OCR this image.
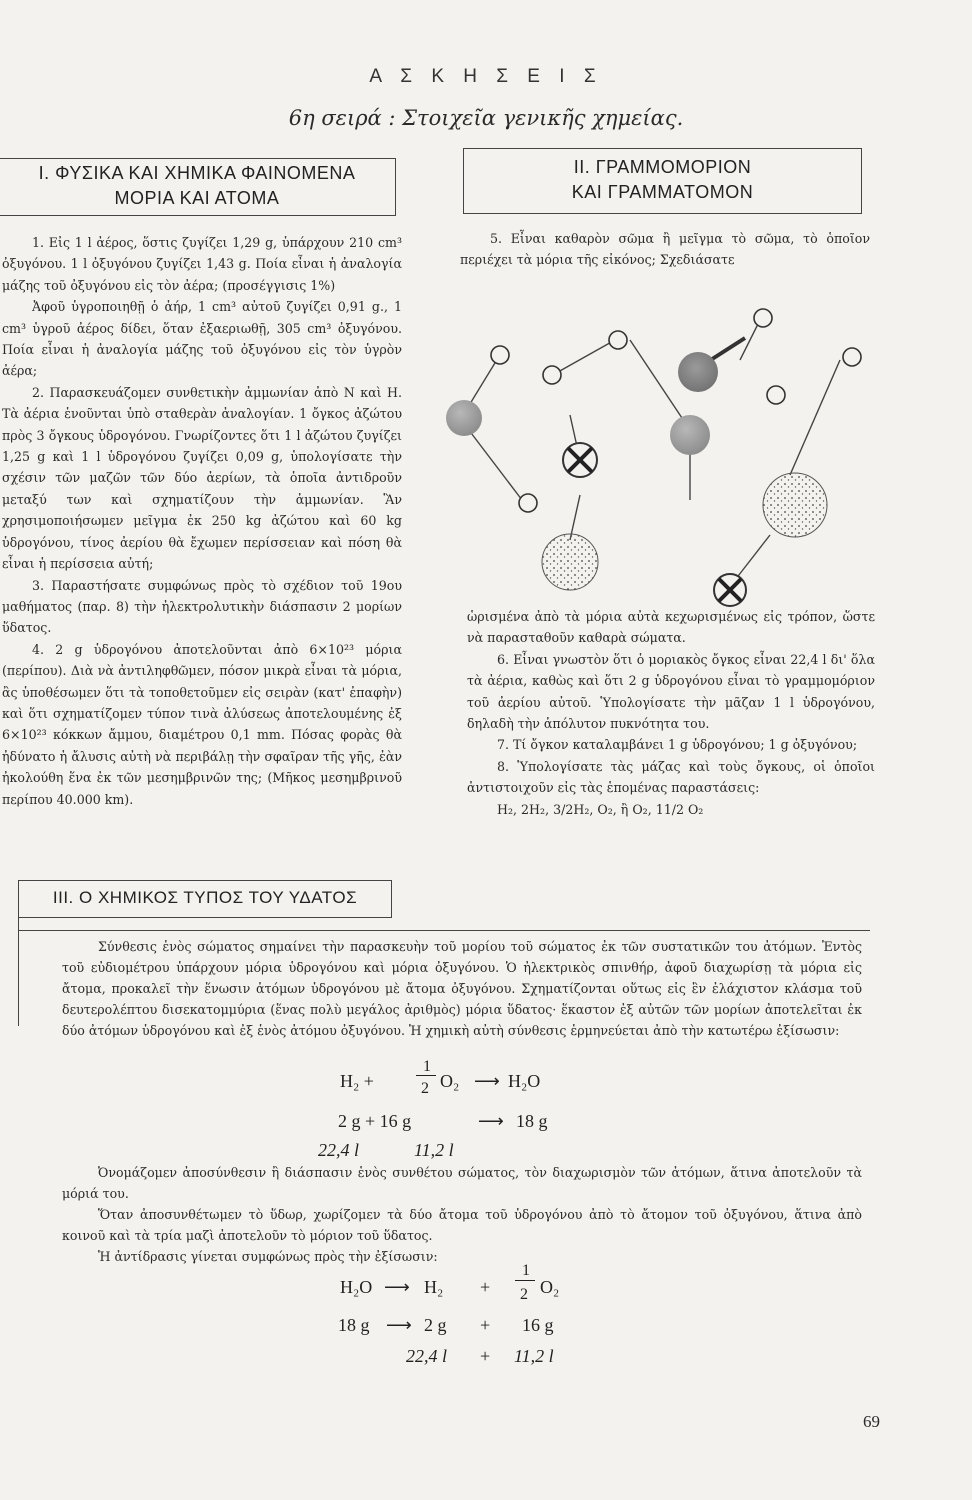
Α Σ Κ Η Σ Ε Ι Σ
6η σειρά : Στοιχεῖα γενικῆς χημείας.
I. ΦΥΣΙΚΑ ΚΑΙ ΧΗΜΙΚΑ ΦΑΙΝΟΜΕΝΑ
ΜΟΡΙΑ ΚΑΙ ΑΤΟΜΑ

1. Εἰς 1 l ἀέρος, ὅστις ζυγίζει 1,29 g, ὑπάρχουν 210 cm³ ὀξυγόνου. 1 l ὀξυγόνου ζυγίζει 1,43 g. Ποία εἶναι ἡ ἀναλογία μάζης τοῦ ὀξυγόνου εἰς τὸν ἀέρα; (προσέγγισις 1%)

Ἀφοῦ ὑγροποιηθῇ ὁ ἀήρ, 1 cm³ αὐτοῦ ζυγίζει 0,91 g., 1 cm³ ὑγροῦ ἀέρος δίδει, ὅταν ἐξαεριωθῇ, 305 cm³ ὀξυγόνου. Ποία εἶναι ἡ ἀναλογία μάζης τοῦ ὀξυγόνου εἰς τὸν ὑγρὸν ἀέρα;

2. Παρασκευάζομεν συνθετικὴν ἀμμωνίαν ἀπὸ N καὶ H. Τὰ ἀέρια ἑνοῦνται ὑπὸ σταθερὰν ἀναλογίαν. 1 ὄγκος ἀζώτου πρὸς 3 ὄγκους ὑδρογόνου. Γνωρίζοντες ὅτι 1 l ἀζώτου ζυγίζει 1,25 g καὶ 1 l ὑδρογόνου ζυγίζει 0,09 g, ὑπολογίσατε τὴν σχέσιν τῶν μαζῶν τῶν δύο ἀερίων, τὰ ὁποῖα ἀντιδροῦν μεταξύ των καὶ σχηματίζουν τὴν ἀμμωνίαν. Ἂν χρησιμοποιήσωμεν μεῖγμα ἐκ 250 kg ἀζώτου καὶ 60 kg ὑδρογόνου, τίνος ἀερίου θὰ ἔχωμεν περίσσειαν καὶ πόση θὰ εἶναι ἡ περίσσεια αὐτή;

3. Παραστήσατε συμφώνως πρὸς τὸ σχέδιον τοῦ 19ου μαθήματος (παρ. 8) τὴν ἠλεκτρολυτικὴν διάσπασιν 2 μορίων ὕδατος.

4. 2 g ὑδρογόνου ἀποτελοῦνται ἀπὸ 6×10²³ μόρια (περίπου). Διὰ νὰ ἀντιληφθῶμεν, πόσον μικρὰ εἶναι τὰ μόρια, ἂς ὑποθέσωμεν ὅτι τὰ τοποθετοῦμεν εἰς σειρὰν (κατ' ἐπαφὴν) καὶ ὅτι σχηματίζομεν τύπον τινὰ ἀλύσεως ἀποτελουμένης ἐξ 6×10²³ κόκκων ἄμμου, διαμέτρου 0,1 mm. Πόσας φορὰς θὰ ἠδύνατο ἡ ἄλυσις αὐτὴ νὰ περιβάλῃ τὴν σφαῖραν τῆς γῆς, ἐὰν ἠκολούθη ἕνα ἐκ τῶν μεσημβρινῶν της; (Μῆκος μεσημβρινοῦ περίπου 40.000 km).

II. ΓΡΑΜΜΟΜΟΡΙΟΝ
ΚΑΙ ΓΡΑΜΜΑΤΟΜΟΝ

5. Εἶναι καθαρὸν σῶμα ἢ μεῖγμα τὸ σῶμα, τὸ ὁποῖον περιέχει τὰ μόρια τῆς εἰκόνος; Σχεδιάσατε

ὡρισμένα ἀπὸ τὰ μόρια αὐτὰ κεχωρισμένως εἰς τρόπον, ὥστε νὰ παρασταθοῦν καθαρὰ σώματα.

6. Εἶναι γνωστὸν ὅτι ὁ μοριακὸς ὄγκος εἶναι 22,4 l δι' ὅλα τὰ ἀέρια, καθὼς καὶ ὅτι 2 g ὑδρογόνου εἶναι τὸ γραμμομόριον τοῦ ἀερίου αὐτοῦ. Ὑπολογίσατε τὴν μᾶζαν 1 l ὑδρογόνου, δηλαδὴ τὴν ἀπόλυτον πυκνότητα του.

7. Τί ὄγκον καταλαμβάνει 1 g ὑδρογόνου; 1 g ὀξυγόνου;

8. Ὑπολογίσατε τὰς μάζας καὶ τοὺς ὄγκους, οἱ ὁποῖοι ἀντιστοιχοῦν εἰς τὰς ἑπομένας παραστάσεις:

H₂, 2H₂, 3/2H₂, O₂, ἢ O₂, 11/2 O₂

III. Ο ΧΗΜΙΚΟΣ ΤΥΠΟΣ ΤΟΥ ΥΔΑΤΟΣ

Σύνθεσις ἑνὸς σώματος σημαίνει τὴν παρασκευὴν τοῦ μορίου τοῦ σώματος ἐκ τῶν συστατικῶν του ἀτόμων. Ἐντὸς τοῦ εὐδιομέτρου ὑπάρχουν μόρια ὑδρογόνου καὶ μόρια ὀξυγόνου. Ὁ ἠλεκτρικὸς σπινθήρ, ἀφοῦ διαχωρίσῃ τὰ μόρια εἰς ἄτομα, προκαλεῖ τὴν ἕνωσιν ἀτόμων ὑδρογόνου μὲ ἄτομα ὀξυγόνου. Σχηματίζονται οὕτως εἰς ἓν ἐλάχιστον κλάσμα τοῦ δευτερολέπτου δισεκατομμύρια (ἕνας πολὺ μεγάλος ἀριθμὸς) μόρια ὕδατος· ἕκαστον ἐξ αὐτῶν τῶν μορίων ἀποτελεῖται ἐκ δύο ἀτόμων ὑδρογόνου καὶ ἐξ ἑνὸς ἀτόμου ὀξυγόνου. Ἡ χημικὴ αὐτὴ σύνθεσις ἑρμηνεύεται ἀπὸ τὴν κατωτέρω ἐξίσωσιν:

1
2
H₂ +	O₂ ⟶ H₂O
2 g + 16 g	⟶ 18 g
22,4 l	11,2 l

Ὀνομάζομεν ἀποσύνθεσιν ἢ διάσπασιν ἑνὸς συνθέτου σώματος, τὸν διαχωρισμὸν τῶν ἀτόμων, ἅτινα ἀποτελοῦν τὰ μόριά του.

Ὅταν ἀποσυνθέτωμεν τὸ ὕδωρ, χωρίζομεν τὰ δύο ἄτομα τοῦ ὑδρογόνου ἀπὸ τὸ ἄτομον τοῦ ὀξυγόνου, ἅτινα ἀπὸ κοινοῦ καὶ τὰ τρία μαζὶ ἀποτελοῦν τὸ μόριον τοῦ ὕδατος.

Ἡ ἀντίδρασις γίνεται συμφώνως πρὸς τὴν ἐξίσωσιν:

1
2
H₂O ⟶ H₂ +	O₂
18 g ⟶ 2 g + 16 g
22,4 l + 11,2 l
69
